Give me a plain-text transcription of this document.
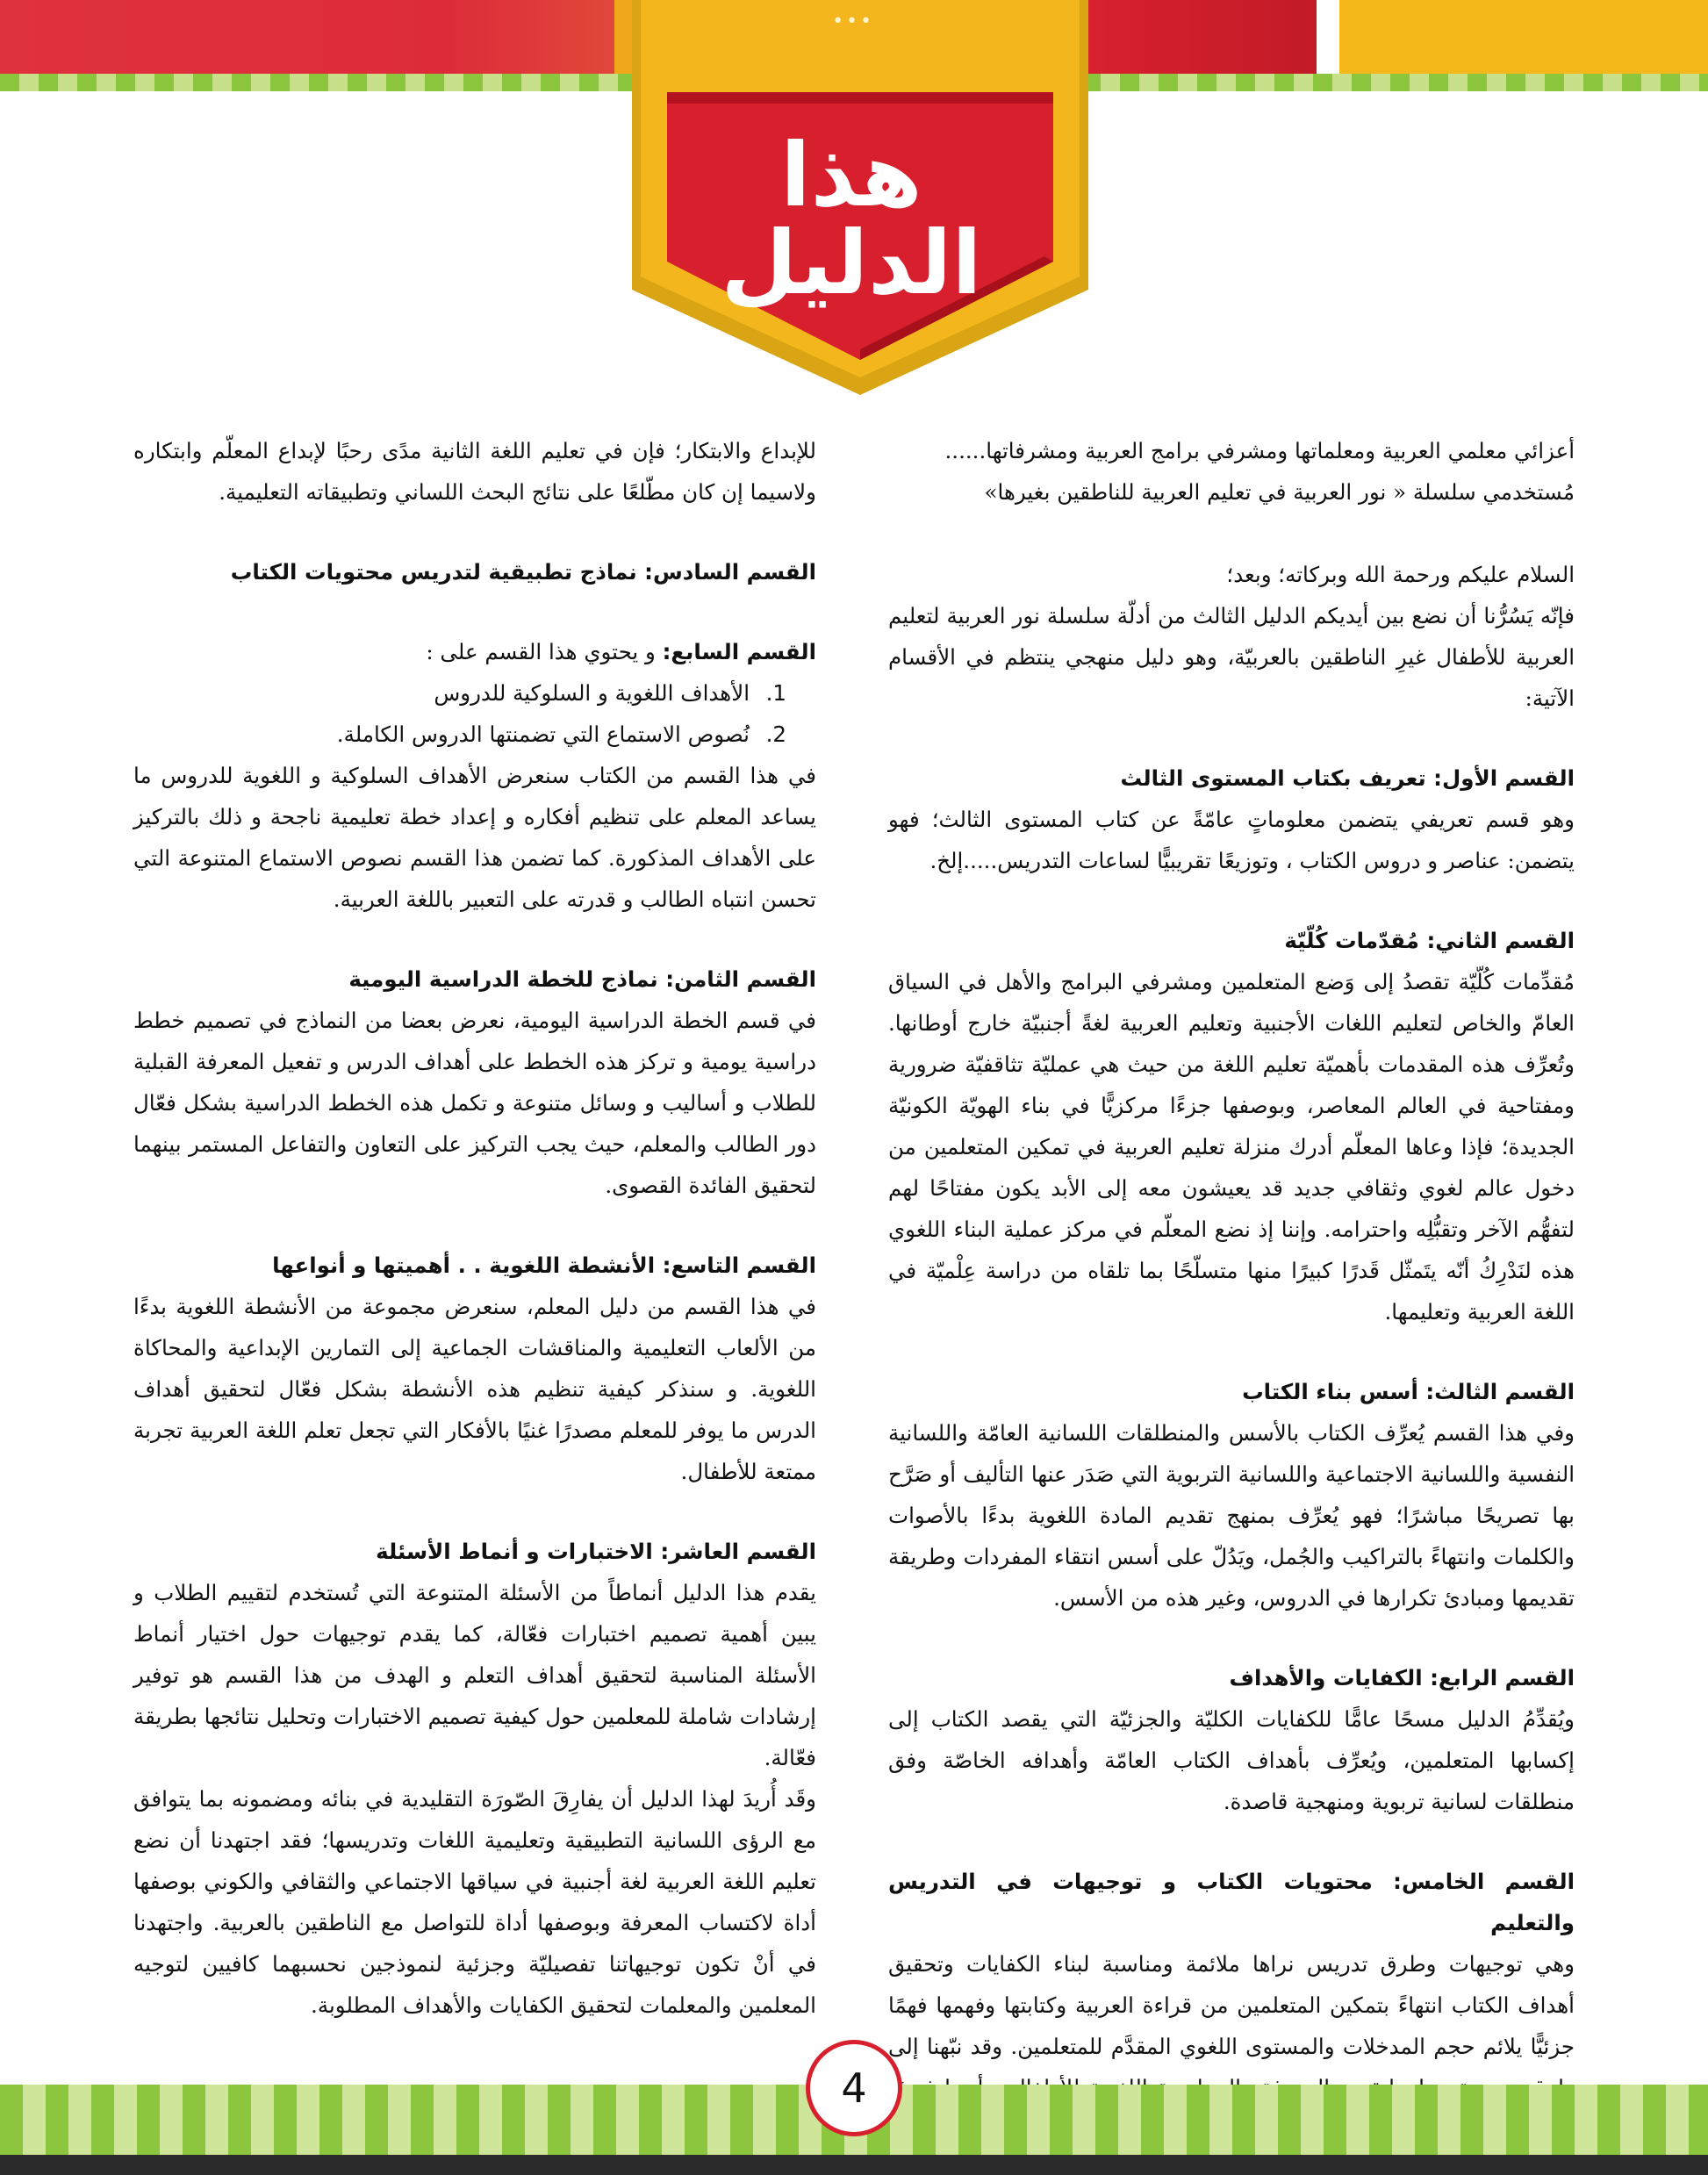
•••
هذا الدليل

أعزائي معلمي العربية ومعلماتها ومشرفي برامج العربية ومشرفاتها......

مُستخدمي سلسلة « نور العربية في تعليم العربية للناطقين بغيرها»

السلام عليكم ورحمة الله وبركاته؛ وبعد؛

فإنّه يَسُرُّنا أن نضع بين أيديكم الدليل الثالث من أدلّة سلسلة نور العربية لتعليم العربية للأطفال غيرِ الناطقين بالعربيّة، وهو دليل منهجي ينتظم في الأقسام الآتية:

القسم الأول: تعريف بكتاب المستوى الثالث

وهو قسم تعريفي يتضمن معلوماتٍ عامّةً عن كتاب المستوى الثالث؛ فهو يتضمن: عناصر و دروس الكتاب ، وتوزيعًا تقريبيًّا لساعات التدريس.....إلخ.

القسم الثاني: مُقدّمات كُلّيّة

مُقدِّمات كُلّيّة تقصدُ إلى وَضع المتعلمين ومشرفي البرامج والأهل في السياق العامّ والخاص لتعليم اللغات الأجنبية وتعليم العربية لغةً أجنبيّة خارج أوطانها. وتُعرِّف هذه المقدمات بأهميّة تعليم اللغة من حيث هي عمليّة تثاقفيّة ضرورية ومفتاحية في العالم المعاصر، وبوصفها جزءًا مركزيًّا في بناء الهويّة الكونيّة الجديدة؛ فإذا وعاها المعلّم أدرك منزلة تعليم العربية في تمكين المتعلمين من دخول عالم لغوي وثقافي جديد قد يعيشون معه إلى الأبد يكون مفتاحًا لهم لتفهُّم الآخر وتقبُّلِه واحترامه. وإننا إذ نضع المعلّم في مركز عملية البناء اللغوي هذه لنَدْرِكُ أنّه يتَمثّل قَدرًا كبيرًا منها متسلّحًا بما تلقاه من دراسة عِلْميّة في اللغة العربية وتعليمها.

القسم الثالث: أسس بناء الكتاب

وفي هذا القسم يُعرِّف الكتاب بالأسس والمنطلقات اللسانية العامّة واللسانية النفسية واللسانية الاجتماعية واللسانية التربوية التي صَدَر عنها التأليف أو صَرَّح بها تصريحًا مباشرًا؛ فهو يُعرِّف بمنهج تقديم المادة اللغوية بدءًا بالأصوات والكلمات وانتهاءً بالتراكيب والجُمل، ويَدُلّ على أسس انتقاء المفردات وطريقة تقديمها ومبادئ تكرارها في الدروس، وغير هذه من الأسس.

القسم الرابع: الكفايات والأهداف

ويُقدِّمُ الدليل مسحًا عامًّا للكفايات الكليّة والجزئيّة التي يقصد الكتاب إلى إكسابها المتعلمين، ويُعرِّف بأهداف الكتاب العامّة وأهدافه الخاصّة وفق منطلقات لسانية تربوية ومنهجية قاصدة.

القسم الخامس: محتويات الكتاب و توجيهات في التدريس والتعليم

وهي توجيهات وطرق تدريس نراها ملائمة ومناسبة لبناء الكفايات وتحقيق أهداف الكتاب انتهاءً بتمكين المتعلمين من قراءة العربية وكتابتها وفهمها فهمًا جزئيًّا يلائم حجم المدخلات والمستوى اللغوي المقدَّم للمتعلمين. وقد نبّهنا إلى

للإبداع والابتكار؛ فإن في تعليم اللغة الثانية مدًى رحبًا لإبداع المعلّم وابتكاره ولاسيما إن كان مطّلعًا على نتائج البحث اللساني وتطبيقاته التعليمية.

القسم السادس: نماذج تطبيقية لتدريس محتويات الكتاب

القسم السابع: و يحتوي هذا القسم على :

1.الأهداف اللغوية و السلوكية للدروس
2.نُصوص الاستماع التي تضمنتها الدروس الكاملة.

في هذا القسم من الكتاب سنعرض الأهداف السلوكية و اللغوية للدروس ما يساعد المعلم على تنظيم أفكاره و إعداد خطة تعليمية ناجحة و ذلك بالتركيز على الأهداف المذكورة. كما تضمن هذا القسم نصوص الاستماع المتنوعة التي تحسن انتباه الطالب و قدرته على التعبير باللغة العربية.

القسم الثامن: نماذج للخطة الدراسية اليومية

في قسم الخطة الدراسية اليومية، نعرض بعضا من النماذج في تصميم خطط دراسية يومية و تركز هذه الخطط على أهداف الدرس و تفعيل المعرفة القبلية للطلاب و أساليب و وسائل متنوعة و تكمل هذه الخطط الدراسية بشكل فعّال دور الطالب والمعلم، حيث يجب التركيز على التعاون والتفاعل المستمر بينهما لتحقيق الفائدة القصوى.

القسم التاسع: الأنشطة اللغوية . . أهميتها و أنواعها

في هذا القسم من دليل المعلم، سنعرض مجموعة من الأنشطة اللغوية بدءًا من الألعاب التعليمية والمناقشات الجماعية إلى التمارين الإبداعية والمحاكاة اللغوية. و سنذكر كيفية تنظيم هذه الأنشطة بشكل فعّال لتحقيق أهداف الدرس ما يوفر للمعلم مصدرًا غنيًا بالأفكار التي تجعل تعلم اللغة العربية تجربة ممتعة للأطفال.

القسم العاشر: الاختبارات و أنماط الأسئلة

يقدم هذا الدليل أنماطاً من الأسئلة المتنوعة التي تُستخدم لتقييم الطلاب و يبين أهمية تصميم اختبارات فعّالة، كما يقدم توجيهات حول اختيار أنماط الأسئلة المناسبة لتحقيق أهداف التعلم و الهدف من هذا القسم هو توفير إرشادات شاملة للمعلمين حول كيفية تصميم الاختبارات وتحليل نتائجها بطريقة فعّالة.

وقَد أُريدَ لهذا الدليل أن يفارِقَ الصّورَة التقليدية في بنائه ومضمونه بما يتوافق مع الرؤى اللسانية التطبيقية وتعليمية اللغات وتدريسها؛ فقد اجتهدنا أن نضع تعليم اللغة العربية لغة أجنبية في سياقها الاجتماعي والثقافي والكوني بوصفها أداة لاكتساب المعرفة وبوصفها أداة للتواصل مع الناطقين بالعربية. واجتهدنا في أنْ تكون توجيهاتنا تفصيليّة وجزئية لنموذجين نحسبهما كافيين لتوجيه المعلمين والمعلمات لتحقيق الكفايات والأهداف المطلوبة.

4
